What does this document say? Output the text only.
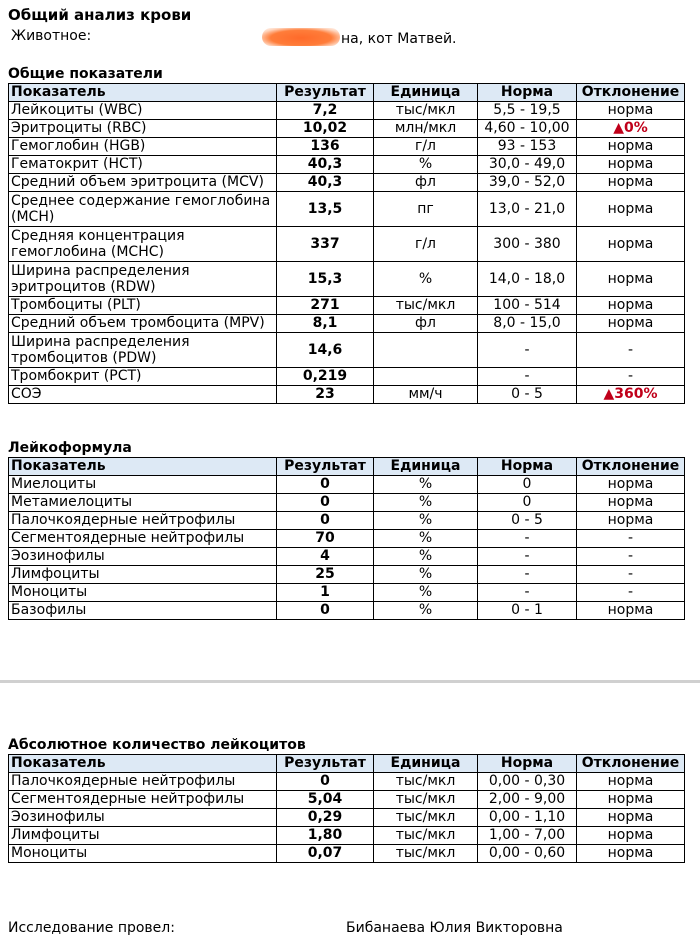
Общий анализ крови
Животное:	на, кот Матвей.
Общие показатели
Показатель	Результат	Единица	Норма	Отклонение
Лейкоциты (WBC)	7,2	тыс/мкл	5,5 - 19,5	норма
Эритроциты (RBC)	10,02	млн/мкл	4,60 - 10,00	▲0%
Гемоглобин (HGB)	136	г/л	93 - 153	норма
Гематокрит (HCT)	40,3	%	30,0 - 49,0	норма
Средний объем эритроцита (MCV)	40,3	фл	39,0 - 52,0	норма
Среднее содержание гемоглобина (MCH)	13,5	пг	13,0 - 21,0	норма
Средняя концентрация гемоглобина (MCHC)	337	г/л	300 - 380	норма
Ширина распределения эритроцитов (RDW)	15,3	%	14,0 - 18,0	норма
Тромбоциты (PLT)	271	тыс/мкл	100 - 514	норма
Средний объем тромбоцита (MPV)	8,1	фл	8,0 - 15,0	норма
Ширина распределения тромбоцитов (PDW)	14,6		-	-
Тромбокрит (PCT)	0,219		-	-
СОЭ	23	мм/ч	0 - 5	▲360%
Лейкоформула
Показатель	Результат	Единица	Норма	Отклонение
Миелоциты	0	%	0	норма
Метамиелоциты	0	%	0	норма
Палочкоядерные нейтрофилы	0	%	0 - 5	норма
Сегментоядерные нейтрофилы	70	%	-	-
Эозинофилы	4	%	-	-
Лимфоциты	25	%	-	-
Моноциты	1	%	-	-
Базофилы	0	%	0 - 1	норма
Абсолютное количество лейкоцитов
Показатель	Результат	Единица	Норма	Отклонение
Палочкоядерные нейтрофилы	0	тыс/мкл	0,00 - 0,30	норма
Сегментоядерные нейтрофилы	5,04	тыс/мкл	2,00 - 9,00	норма
Эозинофилы	0,29	тыс/мкл	0,00 - 1,10	норма
Лимфоциты	1,80	тыс/мкл	1,00 - 7,00	норма
Моноциты	0,07	тыс/мкл	0,00 - 0,60	норма
Исследование провел:	Бибанаева Юлия Викторовна
